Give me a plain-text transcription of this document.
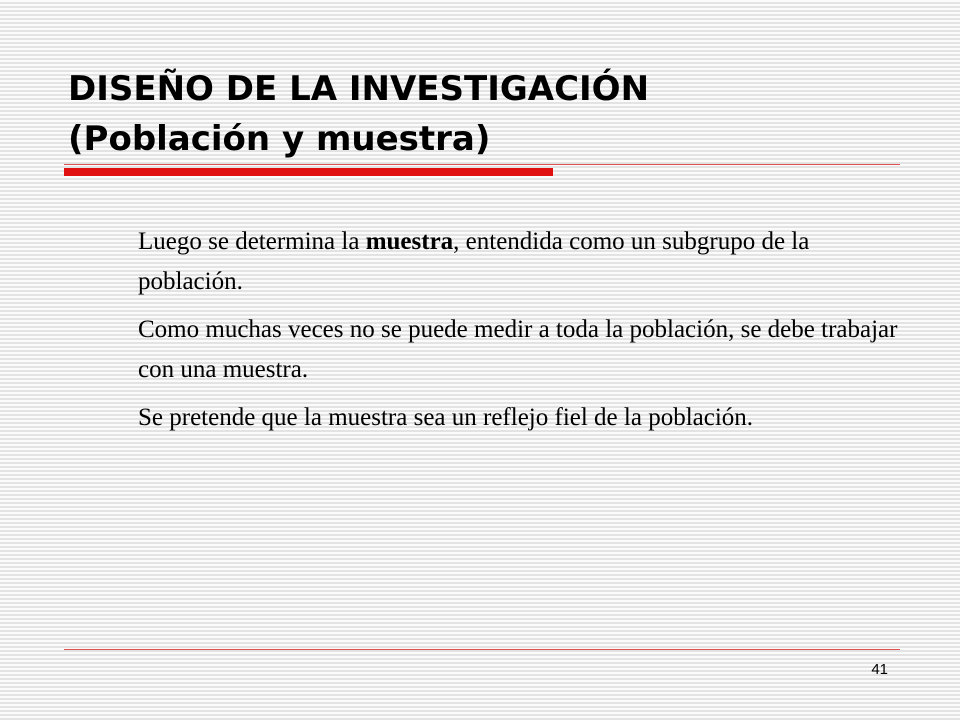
DISEÑO DE LA INVESTIGACIÓN
(Población y muestra)

Luego se determina la muestra, entendida como un subgrupo de la población.

Como muchas veces no se puede medir a toda la población, se debe trabajar con una muestra.

Se pretende que la muestra sea un reflejo fiel de la población.

41
